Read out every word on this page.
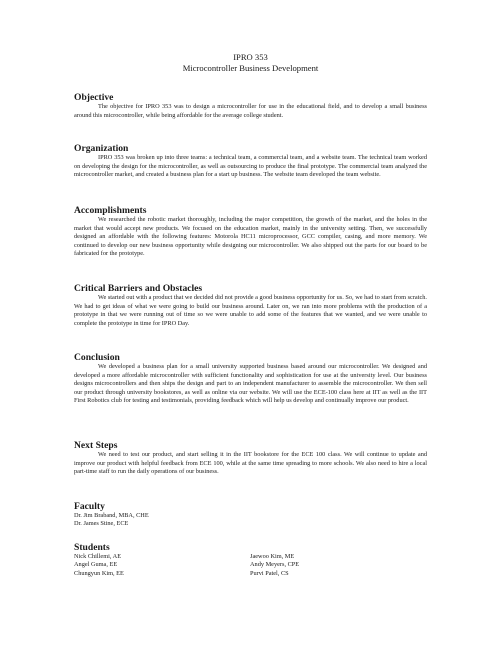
IPRO 353
Microcontroller Business Development
Objective

The objective for IPRO 353 was to design a microcontroller for use in the educational field, and to develop a small business around this microcontroller, while being affordable for the average college student.

Organization

IPRO 353 was broken up into three teams: a technical team, a commercial team, and a website team. The technical team worked on developing the design for the microcontroller, as well as outsourcing to produce the final prototype. The commercial team analyzed the microcontroller market, and created a business plan for a start up business. The website team developed the team website.

Accomplishments

We researched the robotic market thoroughly, including the major competition, the growth of the market, and the holes in the market that would accept new products. We focused on the education market, mainly in the university setting. Then, we successfully designed an affordable with the following features: Motorola HC11 microprocessor, GCC compiler, casing, and more memory. We continued to develop our new business opportunity while designing our microcontroller. We also shipped out the parts for our board to be fabricated for the prototype.

Critical Barriers and Obstacles

We started out with a product that we decided did not provide a good business opportunity for us. So, we had to start from scratch. We had to get ideas of what we were going to build our business around. Later on, we ran into more problems with the production of a prototype in that we were running out of time so we were unable to add some of the features that we wanted, and we were unable to complete the prototype in time for IPRO Day.

Conclusion

We developed a business plan for a small university supported business based around our microcontroller. We designed and developed a more affordable microcontroller with sufficient functionality and sophistication for use at the university level. Our business designs microcontrollers and then ships the design and part to an independent manufacturer to assemble the microcontroller. We then sell our product through university bookstores, as well as online via our website. We will use the ECE-100 class here at IIT as well as the IIT First Robotics club for testing and testimonials, providing feedback which will help us develop and continually improve our product.

Next Steps

We need to test our product, and start selling it in the IIT bookstore for the ECE 100 class. We will continue to update and improve our product with helpful feedback from ECE 100, while at the same time spreading to more schools. We also need to hire a local part-time staff to run the daily operations of our business.

Faculty
Dr. Jim Braband, MBA, CHE
Dr. James Stine, ECE
Students
Nick Chillemi, AE
Angel Guma, EE
Chungyun Kim, EE
Jaewoo Kim, ME
Andy Meyers, CPE
Purvi Patel, CS
